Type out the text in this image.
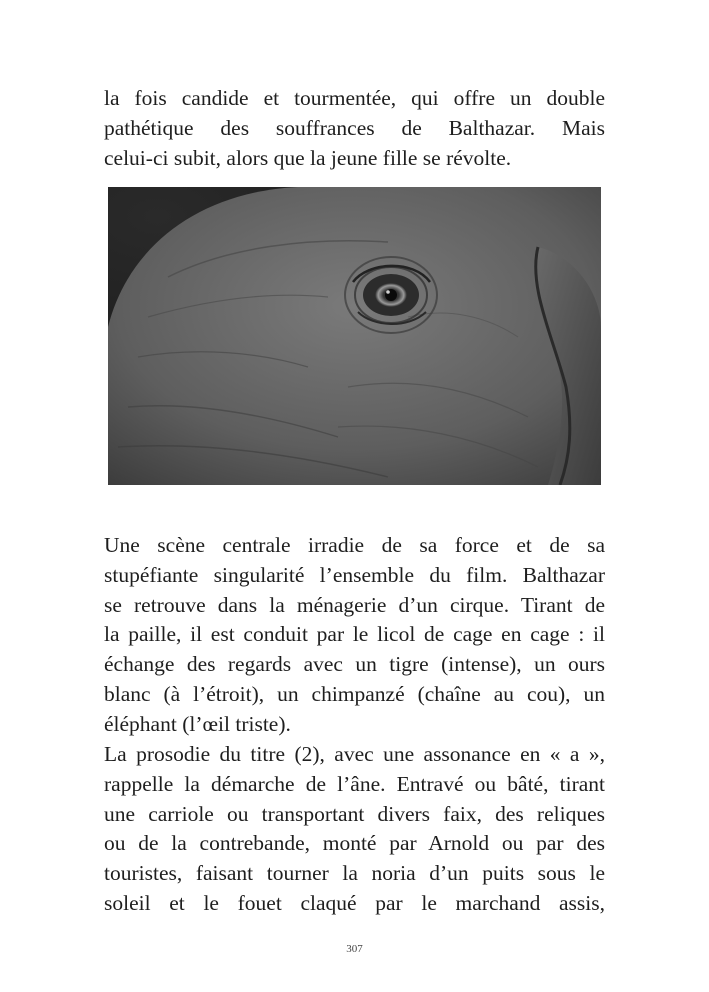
la fois candide et tourmentée, qui offre un double
pathétique des souffrances de Balthazar. Mais
celui-ci subit, alors que la jeune fille se révolte.

Une scène centrale irradie de sa force et de sa
stupéfiante singularité l’ensemble du film. Balthazar
se retrouve dans la ménagerie d’un cirque. Tirant de
la paille, il est conduit par le licol de cage en cage : il
échange des regards avec un tigre (intense), un ours
blanc (à l’étroit), un chimpanzé (chaîne au cou), un
éléphant (l’œil triste).

La prosodie du titre (2), avec une assonance en « a »,
rappelle la démarche de l’âne. Entravé ou bâté, tirant
une carriole ou transportant divers faix, des reliques
ou de la contrebande, monté par Arnold ou par des
touristes, faisant tourner la noria d’un puits sous le
soleil et le fouet claqué par le marchand assis,

307
